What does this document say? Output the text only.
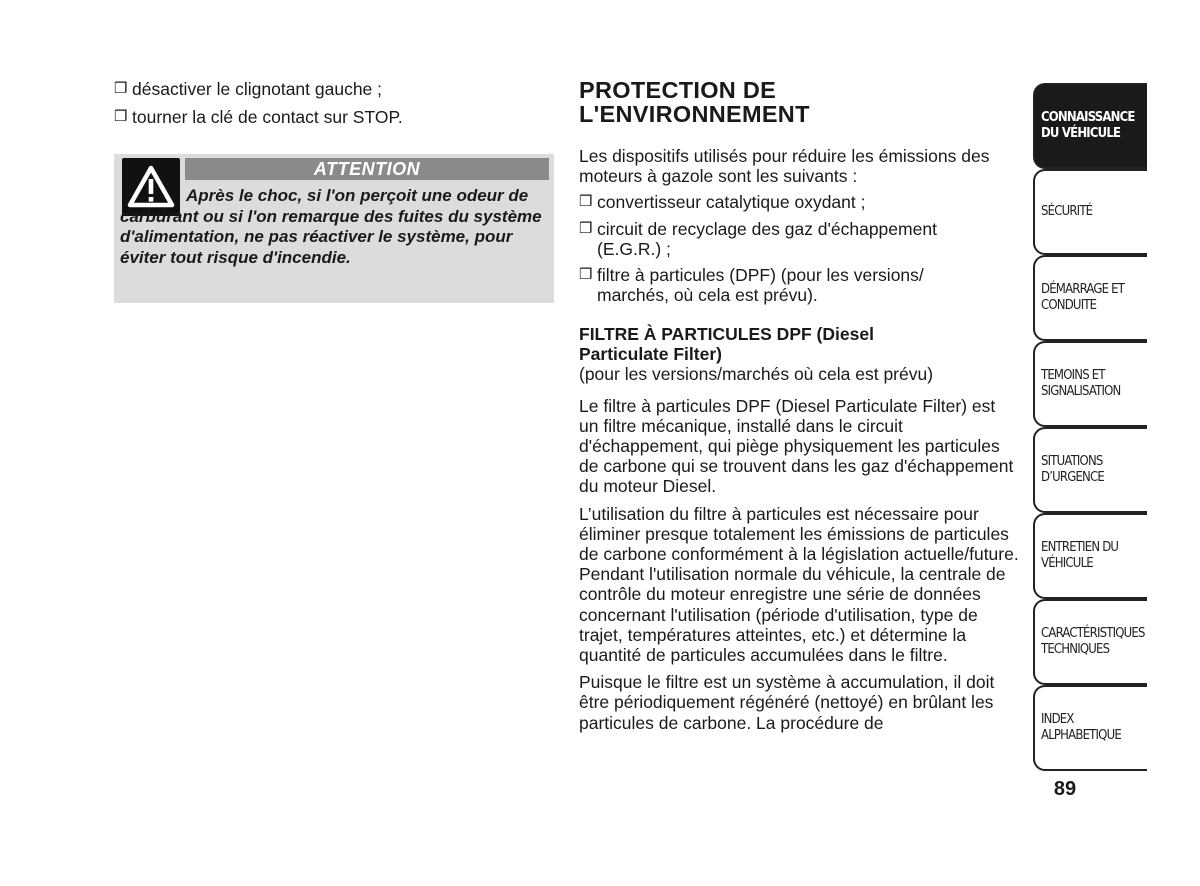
❒ désactiver le clignotant gauche ;

❒ tourner la clé de contact sur STOP.

ATTENTION
Après le choc, si l'on perçoit une odeur de carburant ou si l'on remarque des fuites du système d'alimentation, ne pas réactiver le système, pour éviter tout risque d'incendie.
PROTECTION DE
L'ENVIRONNEMENT

Les dispositifs utilisés pour réduire les émissions des moteurs à gazole sont les suivants :

❒ convertisseur catalytique oxydant ;

❒ circuit de recyclage des gaz d'échappement (E.G.R.) ;

❒ filtre à particules (DPF) (pour les versions/ marchés, où cela est prévu).

FILTRE À PARTICULES DPF (Diesel Particulate Filter)

(pour les versions/marchés où cela est prévu)

Le filtre à particules DPF (Diesel Particulate Filter) est un filtre mécanique, installé dans le circuit d'échappement, qui piège physiquement les particules de carbone qui se trouvent dans les gaz d'échappement du moteur Diesel.

L’utilisation du filtre à particules est nécessaire pour éliminer presque totalement les émissions de particules de carbone conformément à la législation actuelle/future. Pendant l'utilisation normale du véhicule, la centrale de contrôle du moteur enregistre une série de données concernant l'utilisation (période d'utilisation, type de trajet, températures atteintes, etc.) et détermine la quantité de particules accumulées dans le filtre.

Puisque le filtre est un système à accumulation, il doit être périodiquement régénéré (nettoyé) en brûlant les particules de carbone. La procédure de

CONNAISSANCE
DU VÉHICULE
SÉCURITÉ
DÉMARRAGE ET
CONDUITE
TEMOINS ET
SIGNALISATION
SITUATIONS
D’URGENCE
ENTRETIEN DU
VÉHICULE
CARACTÉRISTIQUES
TECHNIQUES
INDEX
ALPHABETIQUE
89
